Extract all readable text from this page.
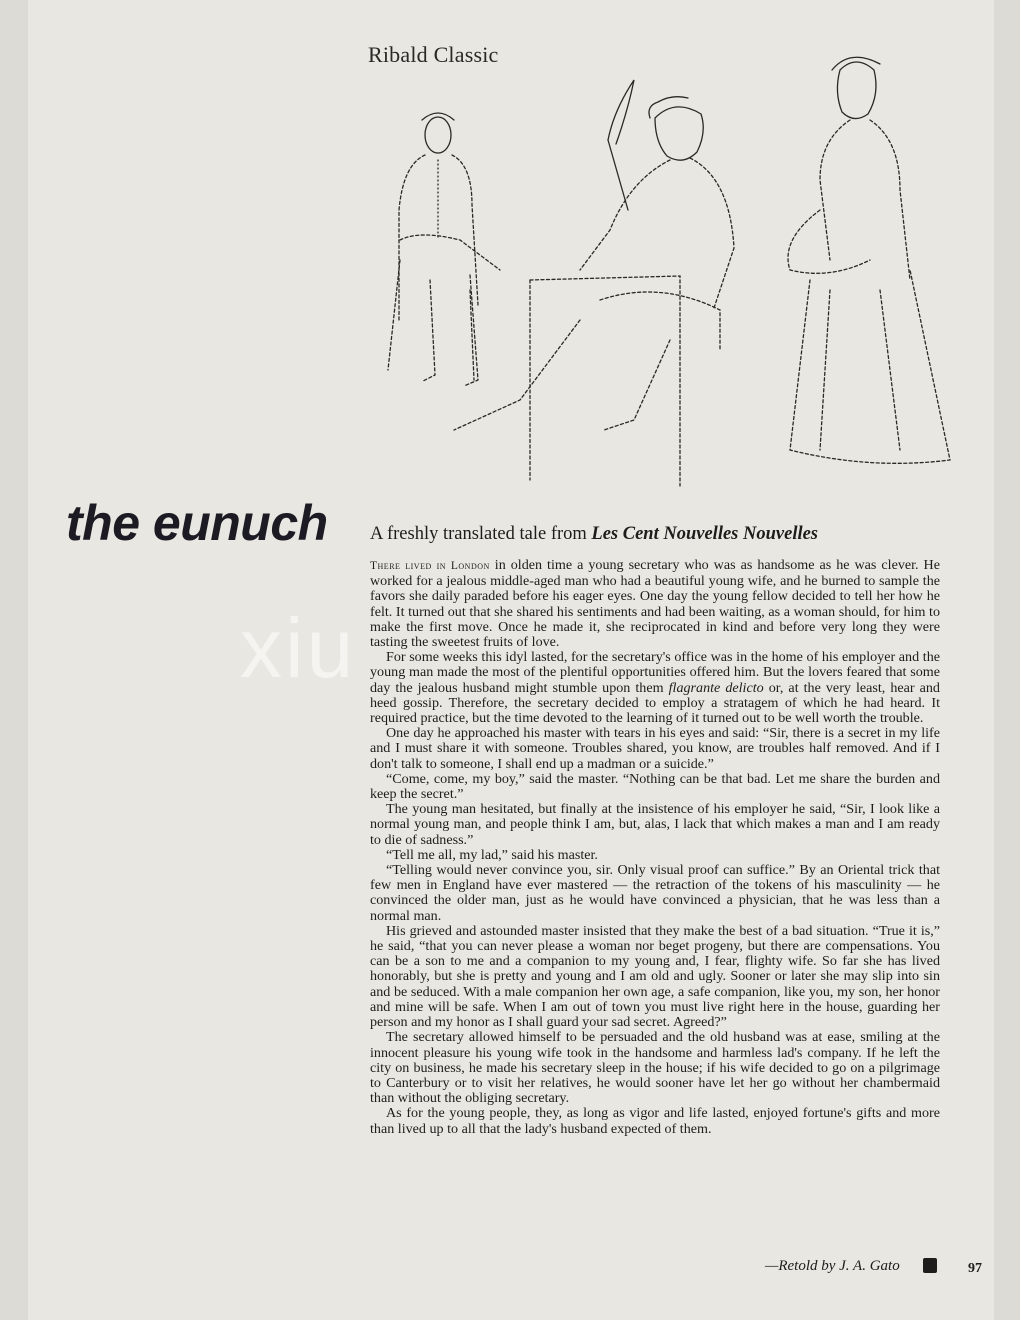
Ribald Classic
the eunuch A freshly translated tale from Les Cent Nouvelles Nouvelles

There lived in London in olden time a young secretary who was as handsome as he was clever. He worked for a jealous middle-aged man who had a beautiful young wife, and he burned to sample the favors she daily paraded before his eager eyes. One day the young fellow decided to tell her how he felt. It turned out that she shared his sentiments and had been waiting, as a woman should, for him to make the first move. Once he made it, she reciprocated in kind and before very long they were tasting the sweetest fruits of love.

For some weeks this idyl lasted, for the secretary's office was in the home of his employer and the young man made the most of the plentiful opportunities offered him. But the lovers feared that some day the jealous husband might stumble upon them flagrante delicto or, at the very least, hear and heed gossip. Therefore, the secretary decided to employ a stratagem of which he had heard. It required practice, but the time devoted to the learning of it turned out to be well worth the trouble.

One day he approached his master with tears in his eyes and said: “Sir, there is a secret in my life and I must share it with someone. Troubles shared, you know, are troubles half removed. And if I don't talk to someone, I shall end up a madman or a suicide.”

“Come, come, my boy,” said the master. “Nothing can be that bad. Let me share the burden and keep the secret.”

The young man hesitated, but finally at the insistence of his employer he said, “Sir, I look like a normal young man, and people think I am, but, alas, I lack that which makes a man and I am ready to die of sadness.”

“Tell me all, my lad,” said his master.

“Telling would never convince you, sir. Only visual proof can suffice.” By an Oriental trick that few men in England have ever mastered — the retraction of the tokens of his masculinity — he convinced the older man, just as he would have convinced a physician, that he was less than a normal man.

His grieved and astounded master insisted that they make the best of a bad situation. “True it is,” he said, “that you can never please a woman nor beget progeny, but there are compensations. You can be a son to me and a companion to my young and, I fear, flighty wife. So far she has lived honorably, but she is pretty and young and I am old and ugly. Sooner or later she may slip into sin and be seduced. With a male companion her own age, a safe companion, like you, my son, her honor and mine will be safe. When I am out of town you must live right here in the house, guarding her person and my honor as I shall guard your sad secret. Agreed?”

The secretary allowed himself to be persuaded and the old husband was at ease, smiling at the innocent pleasure his young wife took in the handsome and harmless lad's company. If he left the city on business, he made his secretary sleep in the house; if his wife decided to go on a pilgrimage to Canterbury or to visit her relatives, he would sooner have let her go without her chambermaid than without the obliging secretary.

As for the young people, they, as long as vigor and life lasted, enjoyed fortune's gifts and more than lived up to all that the lady's husband expected of them.

—Retold by J. A. Gato	97
xiu
